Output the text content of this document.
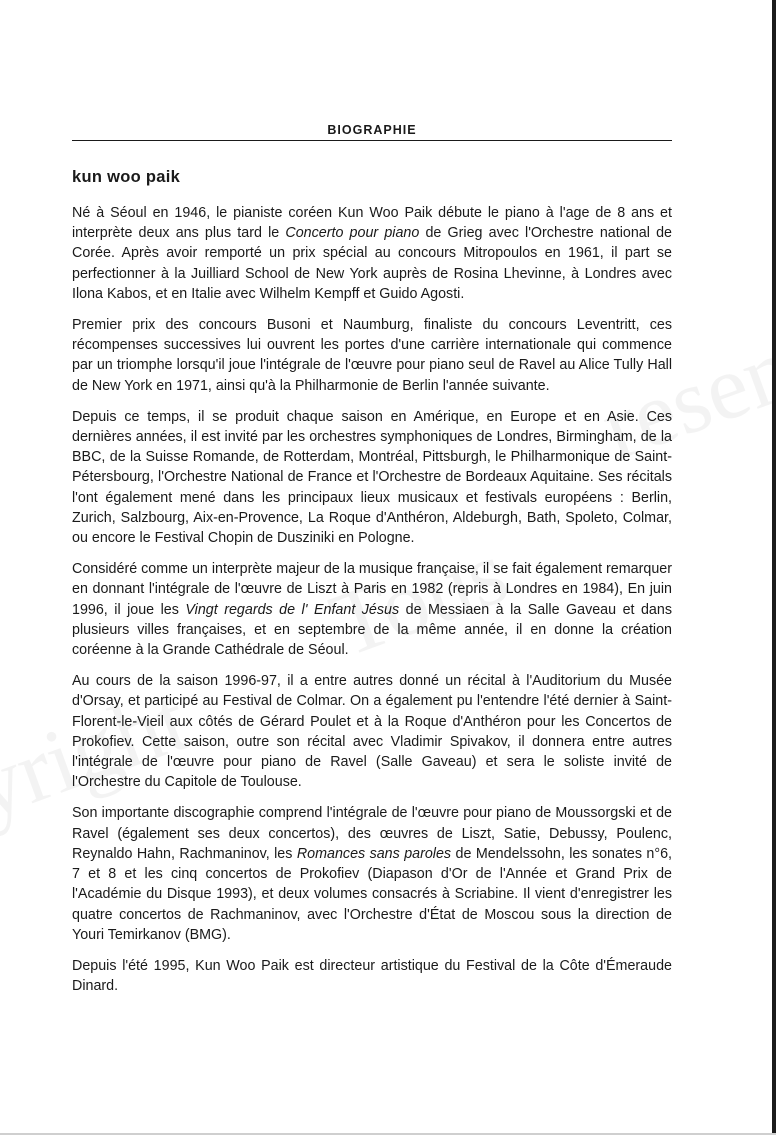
BIOGRAPHIE
kun woo paik

Né à Séoul en 1946, le pianiste coréen Kun Woo Paik débute le piano à l'age de 8 ans et interprète deux ans plus tard le Concerto pour piano de Grieg avec l'Orchestre national de Corée. Après avoir remporté un prix spécial au concours Mitropoulos en 1961, il part se perfectionner à la Juilliard School de New York auprès de Rosina Lhevinne, à Londres avec Ilona Kabos, et en Italie avec Wilhelm Kempff et Guido Agosti.

Premier prix des concours Busoni et Naumburg, finaliste du concours Leventritt, ces récompenses successives lui ouvrent les portes d'une carrière internationale qui commence par un triomphe lorsqu'il joue l'intégrale de l'œuvre pour piano seul de Ravel au Alice Tully Hall de New York en 1971, ainsi qu'à la Philharmonie de Berlin l'année suivante.

Depuis ce temps, il se produit chaque saison en Amérique, en Europe et en Asie. Ces dernières années, il est invité par les orchestres symphoniques de Londres, Birmingham, de la BBC, de la Suisse Romande, de Rotterdam, Montréal, Pittsburgh, le Philharmonique de Saint-Pétersbourg, l'Orchestre National de France et l'Orchestre de Bordeaux Aquitaine. Ses récitals l'ont également mené dans les principaux lieux musicaux et festivals européens : Berlin, Zurich, Salzbourg, Aix-en-Provence, La Roque d'Anthéron, Aldeburgh, Bath, Spoleto, Colmar, ou encore le Festival Chopin de Dusziniki en Pologne.

Considéré comme un interprète majeur de la musique française, il se fait également remarquer en donnant l'intégrale de l'œuvre de Liszt à Paris en 1982 (repris à Londres en 1984), En juin 1996, il joue les Vingt regards de l' Enfant Jésus de Messiaen à la Salle Gaveau et dans plusieurs villes françaises, et en septembre de la même année, il en donne la création coréenne à la Grande Cathédrale de Séoul.

Au cours de la saison 1996-97, il a entre autres donné un récital à l'Auditorium du Musée d'Orsay, et participé au Festival de Colmar. On a également pu l'entendre l'été dernier à Saint-Florent-le-Vieil aux côtés de Gérard Poulet et à la Roque d'Anthéron pour les Concertos de Prokofiev. Cette saison, outre son récital avec Vladimir Spivakov, il donnera entre autres l'intégrale de l'œuvre pour piano de Ravel (Salle Gaveau) et sera le soliste invité de l'Orchestre du Capitole de Toulouse.

Son importante discographie comprend l'intégrale de l'œuvre pour piano de Moussorgski et de Ravel (également ses deux concertos), des œuvres de Liszt, Satie, Debussy, Poulenc, Reynaldo Hahn, Rachmaninov, les Romances sans paroles de Mendelssohn, les sonates n°6, 7 et 8 et les cinq concertos de Prokofiev (Diapason d'Or de l'Année et Grand Prix de l'Académie du Disque 1993), et deux volumes consacrés à Scriabine. Il vient d'enregistrer les quatre concertos de Rachmaninov, avec l'Orchestre d'État de Moscou sous la direction de Youri Temirkanov (BMG).

Depuis l'été 1995, Kun Woo Paik est directeur artistique du Festival de la Côte d'Émeraude Dinard.
